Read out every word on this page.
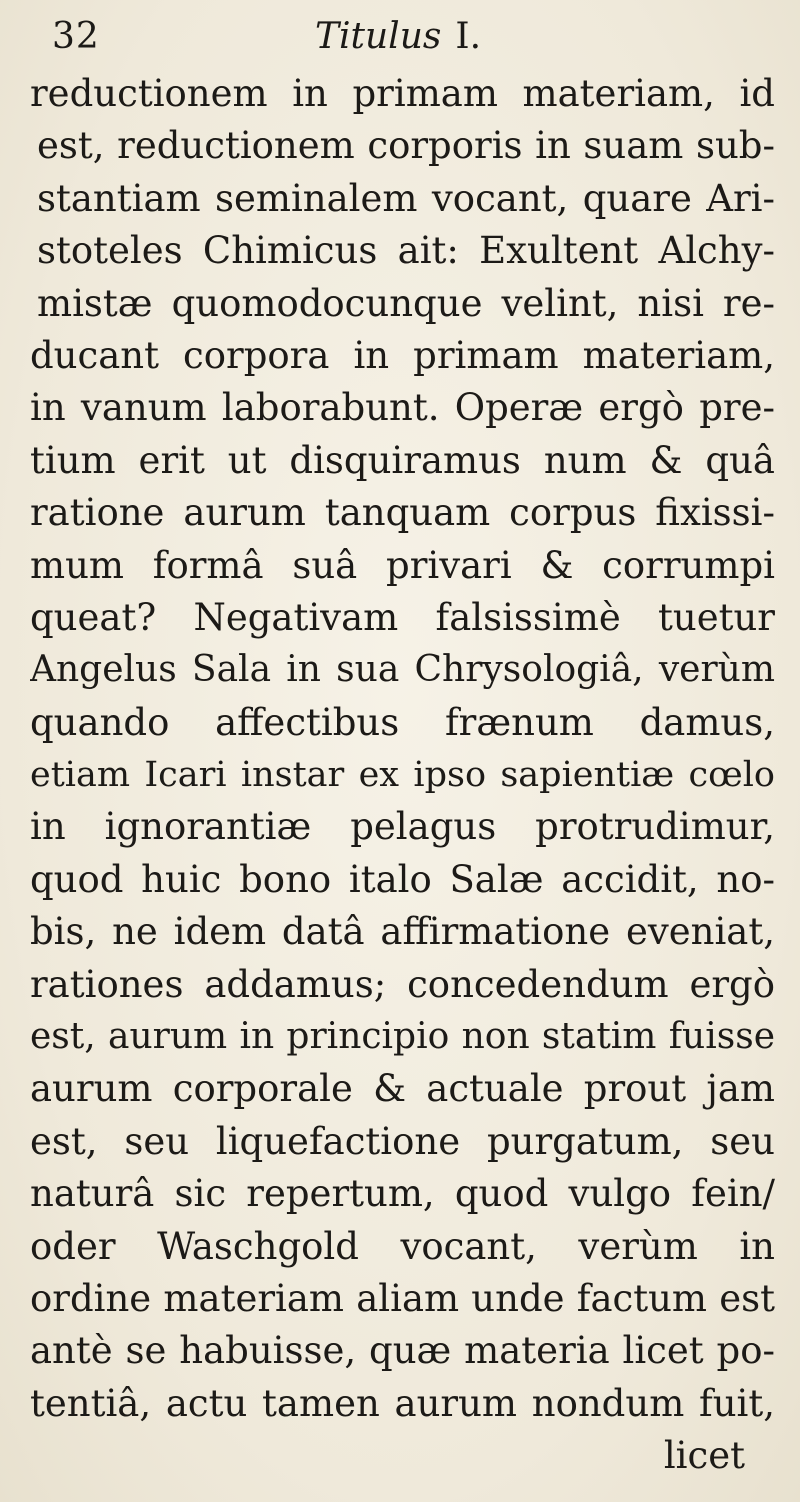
32	Titulus I.
reductionem in primam materiam, id
est, reductionem corporis in suam sub-
stantiam seminalem vocant, quare Ari-
stoteles Chimicus ait: Exultent Alchy-
mistæ quomodocunque velint, nisi re-
ducant corpora in primam materiam,
in vanum laborabunt. Operæ ergò pre-
tium erit ut disquiramus num & quâ
ratione aurum tanquam corpus fixissi-
mum formâ suâ privari & corrumpi
queat? Negativam falsissimè tuetur
Angelus Sala in sua Chrysologiâ, verùm
quando affectibus frænum damus,
etiam Icari instar ex ipso sapientiæ cœlo
in ignorantiæ pelagus protrudimur,
quod huic bono italo Salæ accidit, no-
bis, ne idem datâ affirmatione eveniat,
rationes addamus; concedendum ergò
est, aurum in principio non statim fuisse
aurum corporale & actuale prout jam
est, seu liquefactione purgatum, seu
naturâ sic repertum, quod vulgo fein/
oder Waschgold vocant, verùm in
ordine materiam aliam unde factum est
antè se habuisse, quæ materia licet po-
tentiâ, actu tamen aurum nondum fuit,
licet
